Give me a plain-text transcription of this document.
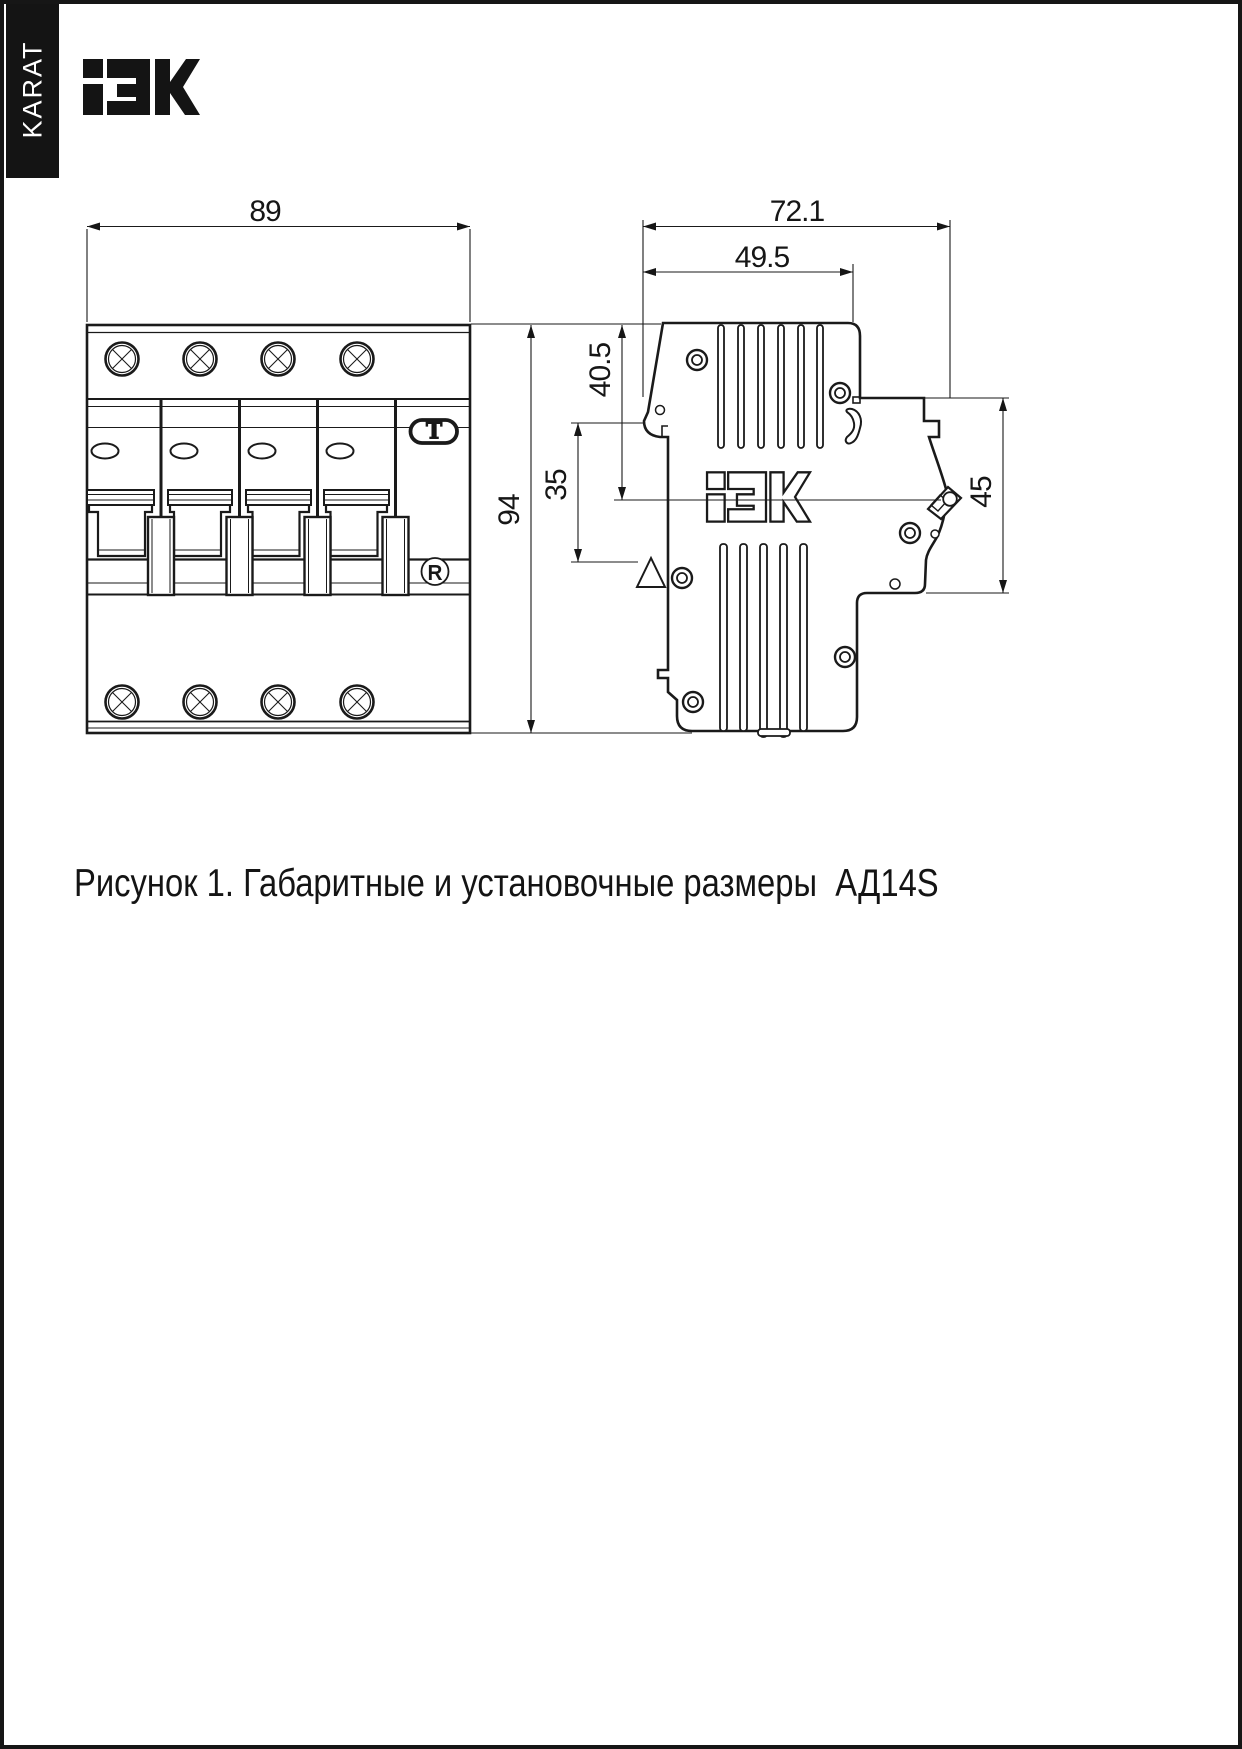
KARAT
T
R
89	72.1
49.5
40.5
35
94
45
Рисунок 1. Габаритные и установочные размеры  АД14S
